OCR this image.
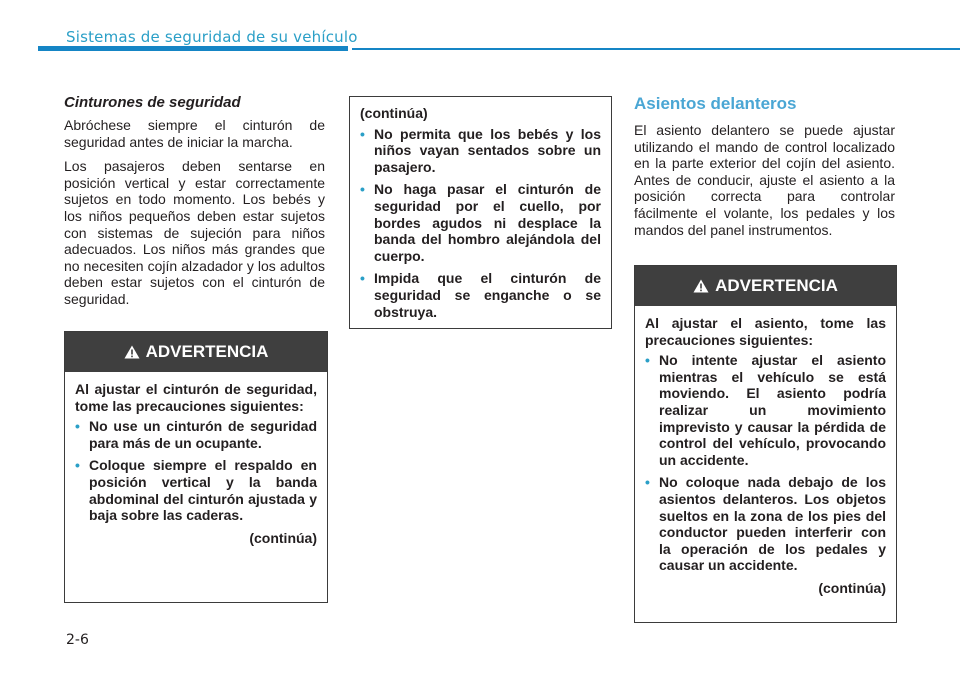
Sistemas de seguridad de su vehículo
Cinturones de seguridad

Abróchese siempre el cinturón de seguridad antes de iniciar la marcha.

Los pasajeros deben sentarse en posición vertical y estar correctamente sujetos en todo momento. Los bebés y los niños pequeños deben estar sujetos con sistemas de sujeción para niños adecuados. Los niños más grandes que no necesiten cojín alzadador y los adultos deben estar sujetos con el cinturón de seguridad.

ADVERTENCIA

Al ajustar el cinturón de seguridad, tome las precauciones siguientes:

• No use un cinturón de seguridad para más de un ocupante.
• Coloque siempre el respaldo en posición vertical y la banda abdominal del cinturón ajustada y baja sobre las caderas.
(continúa)

(continúa)

• No permita que los bebés y los niños vayan sentados sobre un pasajero.
• No haga pasar el cinturón de seguridad por el cuello, por bordes agudos ni desplace la banda del hombro alejándola del cuerpo.
• Impida que el cinturón de seguridad se enganche o se obstruya.
Asientos delanteros

El asiento delantero se puede ajustar utilizando el mando de control localizado en la parte exterior del cojín del asiento. Antes de conducir, ajuste el asiento a la posición correcta para controlar fácilmente el volante, los pedales y los mandos del panel instrumentos.

ADVERTENCIA

Al ajustar el asiento, tome las precauciones siguientes:

• No intente ajustar el asiento mientras el vehículo se está moviendo. El asiento podría realizar un movimiento imprevisto y causar la pérdida de control del vehículo, provocando un accidente.
• No coloque nada debajo de los asientos delanteros. Los objetos sueltos en la zona de los pies del conductor pueden interferir con la operación de los pedales y causar un accidente.
(continúa)
2-6
